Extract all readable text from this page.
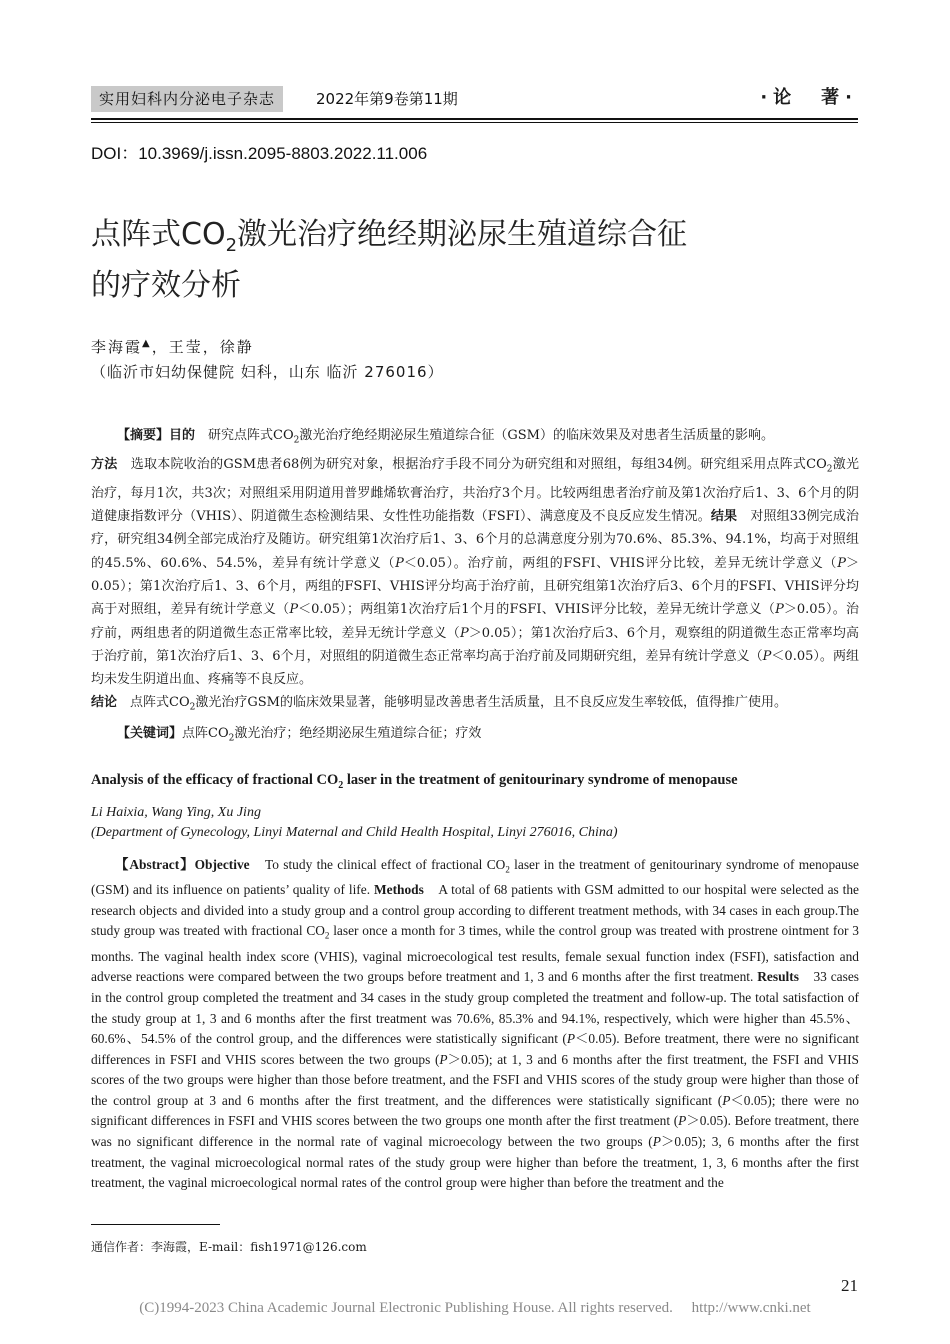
实用妇科内分泌电子杂志	2022年第9卷第11期	·论　著·
DOI：10.3969/j.issn.2095-8803.2022.11.006
点阵式$CO_2$激光治疗绝经期泌尿生殖道综合征
的疗效分析
李海霞▲，王莹，徐静
（临沂市妇幼保健院 妇科，山东 临沂 276016）

【摘要】目的　研究点阵式$CO_2$激光治疗绝经期泌尿生殖道综合征（GSM）的临床效果及对患者生活质量的影响。
方法　选取本院收治的GSM患者68例为研究对象，根据治疗手段不同分为研究组和对照组，每组34例。研究组采用点阵式$CO_2$激光治疗，每月1次，共3次；对照组采用阴道用普罗雌烯软膏治疗，共治疗3个月。比较两组患者治疗前及第1次治疗后1、3、6个月的阴道健康指数评分（VHIS）、阴道微生态检测结果、女性性功能指数（FSFI）、满意度及不良反应发生情况。结果　对照组33例完成治疗，研究组34例全部完成治疗及随访。研究组第1次治疗后1、3、6个月的总满意度分别为70.6%、85.3%、94.1%，均高于对照组的45.5%、60.6%、54.5%，差异有统计学意义（P＜0.05）。治疗前，两组的FSFI、VHIS评分比较，差异无统计学意义（P＞0.05）；第1次治疗后1、3、6个月，两组的FSFI、VHIS评分均高于治疗前，且研究组第1次治疗后3、6个月的FSFI、VHIS评分均高于对照组，差异有统计学意义（P＜0.05）；两组第1次治疗后1个月的FSFI、VHIS评分比较，差异无统计学意义（P＞0.05）。治疗前，两组患者的阴道微生态正常率比较，差异无统计学意义（P＞0.05）；第1次治疗后3、6个月，观察组的阴道微生态正常率均高于治疗前，第1次治疗后1、3、6个月，对照组的阴道微生态正常率均高于治疗前及同期研究组，差异有统计学意义（P＜0.05）。两组均未发生阴道出血、疼痛等不良反应。
结论　点阵式$CO_2$激光治疗GSM的临床效果显著，能够明显改善患者生活质量，且不良反应发生率较低，值得推广使用。

【关键词】点阵$CO_2$激光治疗；绝经期泌尿生殖道综合征；疗效

Analysis of the efficacy of fractional $CO_2$ laser in the treatment of genitourinary syndrome of menopause
Li Haixia, Wang Ying, Xu Jing
(Department of Gynecology, Linyi Maternal and Child Health Hospital, Linyi 276016, China)
【Abstract】Objective　To study the clinical effect of fractional $CO_2$ laser in the treatment of genitourinary syndrome of menopause (GSM) and its influence on patients’ quality of life. Methods　A total of 68 patients with GSM admitted to our hospital were selected as the research objects and divided into a study group and a control group according to different treatment methods, with 34 cases in each group.The study group was treated with fractional $CO_2$ laser once a month for 3 times, while the control group was treated with prostrene ointment for 3 months. The vaginal health index score (VHIS), vaginal microecological test results, female sexual function index (FSFI), satisfaction and adverse reactions were compared between the two groups before treatment and 1, 3 and 6 months after the first treatment. Results　33 cases in the control group completed the treatment and 34 cases in the study group completed the treatment and follow-up. The total satisfaction of the study group at 1, 3 and 6 months after the first treatment was 70.6%, 85.3% and 94.1%, respectively, which were higher than 45.5%、60.6%、54.5% of the control group, and the differences were statistically significant (P＜0.05). Before treatment, there were no significant differences in FSFI and VHIS scores between the two groups (P＞0.05); at 1, 3 and 6 months after the first treatment, the FSFI and VHIS scores of the two groups were higher than those before treatment, and the FSFI and VHIS scores of the study group were higher than those of the control group at 3 and 6 months after the first treatment, and the differences were statistically significant (P＜0.05); there were no significant differences in FSFI and VHIS scores between the two groups one month after the first treatment (P＞0.05). Before treatment, there was no significant difference in the normal rate of vaginal microecology between the two groups (P＞0.05); 3, 6 months after the first treatment, the vaginal microecological normal rates of the study group were higher than before the treatment, 1, 3, 6 months after the first treatment, the vaginal microecological normal rates of the control group were higher than before the treatment and the
通信作者：李海霞，E-mail：fish1971@126.com
21
(C)1994-2023 China Academic Journal Electronic Publishing House. All rights reserved.　 http://www.cnki.net
